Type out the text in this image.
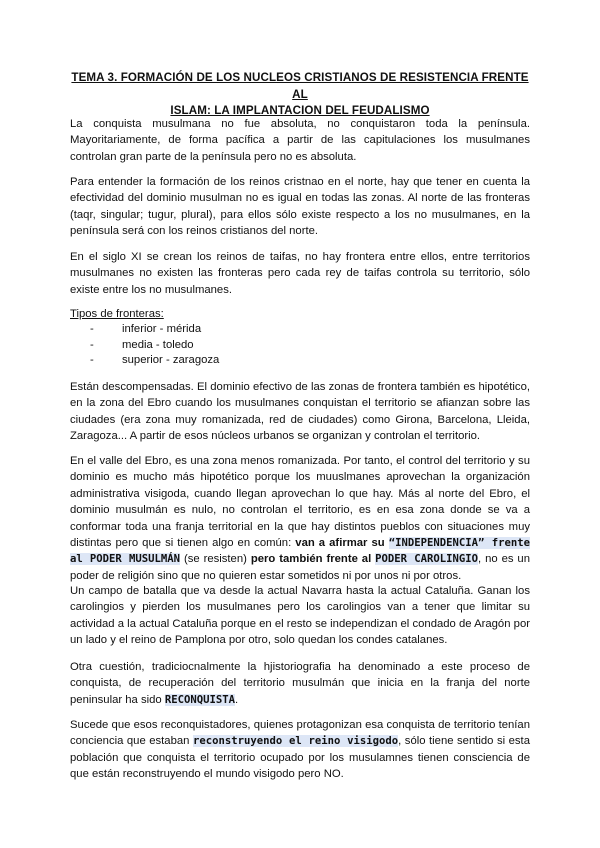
TEMA 3. FORMACIÓN DE LOS NUCLEOS CRISTIANOS DE RESISTENCIA FRENTE AL
ISLAM: LA IMPLANTACION DEL FEUDALISMO

La conquista musulmana no fue absoluta, no conquistaron toda la península. Mayoritariamente, de forma pacífica a partir de las capitulaciones los musulmanes controlan gran parte de la península pero no es absoluta.

Para entender la formación de los reinos cristnao en el norte, hay que tener en cuenta la efectividad del dominio musulman no es igual en todas las zonas. Al norte de las fronteras (taqr, singular; tugur, plural), para ellos sólo existe respecto a los no musulmanes, en la península será con los reinos cristianos del norte.

En el siglo XI se crean los reinos de taifas, no hay frontera entre ellos, entre territorios musulmanes no existen las fronteras pero cada rey de taifas controla su territorio, sólo existe entre los no musulmanes.

Tipos de fronteras:
-	inferior - mérida
-	media - toledo
-	superior - zaragoza

Están descompensadas. El dominio efectivo de las zonas de frontera también es hipotético, en la zona del Ebro cuando los musulmanes conquistan el territorio se afianzan sobre las ciudades (era zona muy romanizada, red de ciudades) como Girona, Barcelona, Lleida, Zaragoza... A partir de esos núcleos urbanos se organizan y controlan el territorio.

En el valle del Ebro, es una zona menos romanizada. Por tanto, el control del territorio y su dominio es mucho más hipotético porque los muuslmanes aprovechan la organización administrativa visigoda, cuando llegan aprovechan lo que hay. Más al norte del Ebro, el dominio musulmán es nulo, no controlan el territorio, es en esa zona donde se va a conformar toda una franja territorial en la que hay distintos pueblos con situaciones muy distintas pero que si tienen algo en común: van a afirmar su “INDEPENDENCIA” frente al PODER MUSULMÁN (se resisten) pero también frente al PODER CAROLINGIO, no es un poder de religión sino que no quieren estar sometidos ni por unos ni por otros.

Un campo de batalla que va desde la actual Navarra hasta la actual Cataluña. Ganan los carolingios y pierden los musulmanes pero los carolingios van a tener que limitar su actividad a la actual Cataluña porque en el resto se independizan el condado de Aragón por un lado y el reino de Pamplona por otro, solo quedan los condes catalanes.

Otra cuestión, tradiciocnalmente la hjistoriografia ha denominado a este proceso de conquista, de recuperación del territorio musulmán que inicia en la franja del norte peninsular ha sido RECONQUISTA.

Sucede que esos reconquistadores, quienes protagonizan esa conquista de territorio tenían conciencia que estaban reconstruyendo el reino visigodo, sólo tiene sentido si esta población que conquista el territorio ocupado por los musulamnes tienen consciencia de que están reconstruyendo el mundo visigodo pero NO.
